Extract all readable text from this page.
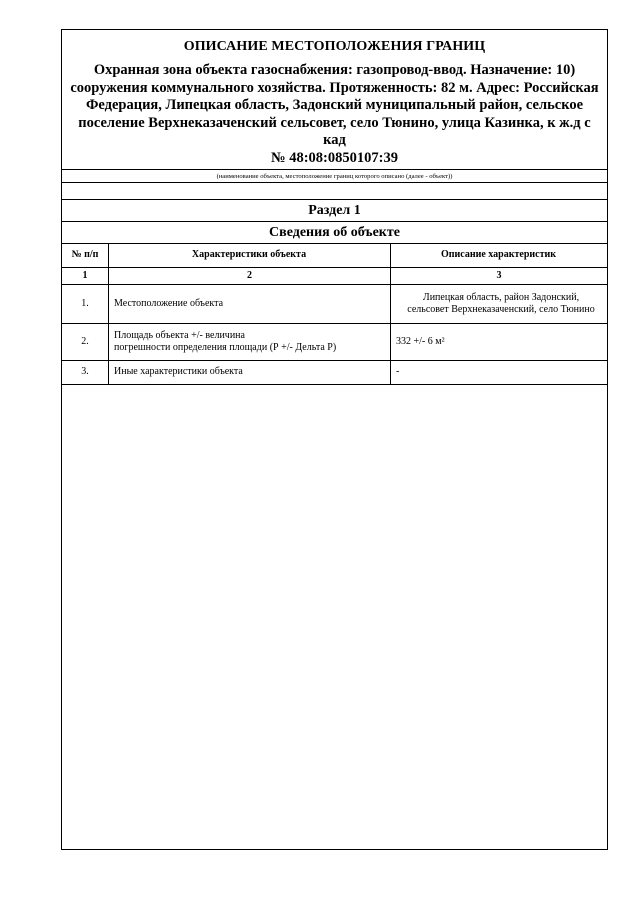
ОПИСАНИЕ МЕСТОПОЛОЖЕНИЯ ГРАНИЦ
Охранная зона объекта газоснабжения: газопровод-ввод. Назначение: 10)
сооружения коммунального хозяйства. Протяженность: 82 м. Адрес: Российская
Федерация, Липецкая область, Задонский муниципальный район, сельское
поселение Верхнеказаченский сельсовет, село Тюнино, улица Казинка, к ж.д с кад
№ 48:08:0850107:39
(наименование объекта, местоположение границ которого описано (далее - объект))
Раздел 1
Сведения об объекте
№ п/п	Характеристики объекта	Описание характеристик
1	2	3
1.	Местоположение объекта	Липецкая область, район Задонский,
сельсовет Верхнеказаченский, село Тюнино

2.	Площадь объекта +/- величина
погрешности определения площади (Р +/- Дельта Р)	332 +/- 6 м²

3.	Иные характеристики объекта	-
